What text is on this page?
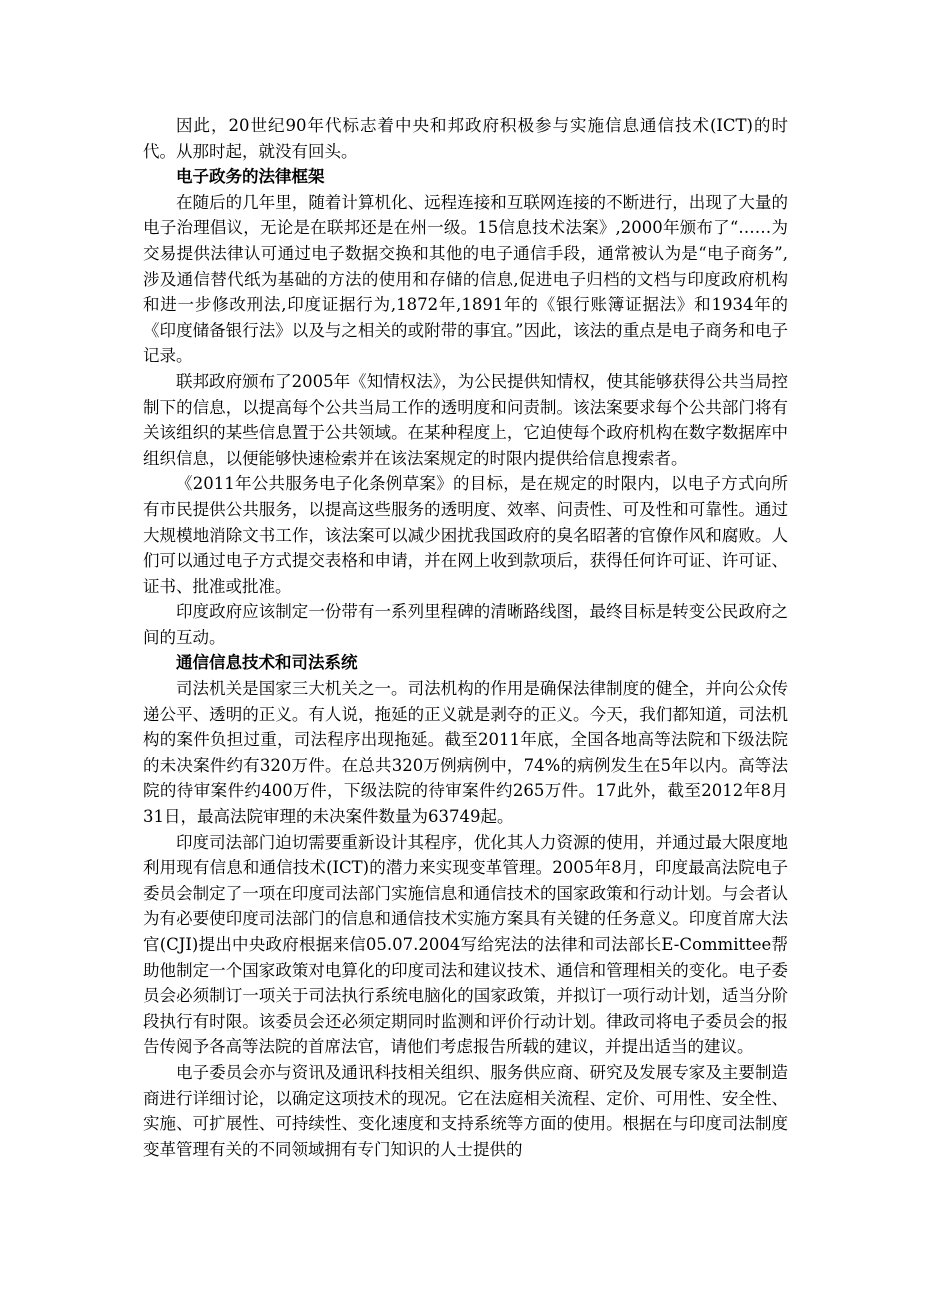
因此，20世纪90年代标志着中央和邦政府积极参与实施信息通信技术(ICT)的时代。从那时起，就没有回头。

电子政务的法律框架

在随后的几年里，随着计算机化、远程连接和互联网连接的不断进行，出现了大量的电子治理倡议，无论是在联邦还是在州一级。15信息技术法案》,2000年颁布了“……为交易提供法律认可通过电子数据交换和其他的电子通信手段，通常被认为是“电子商务”,涉及通信替代纸为基础的方法的使用和存储的信息,促进电子归档的文档与印度政府机构和进一步修改刑法,印度证据行为,1872年,1891年的《银行账簿证据法》和1934年的《印度储备银行法》以及与之相关的或附带的事宜。”因此，该法的重点是电子商务和电子记录。

联邦政府颁布了2005年《知情权法》，为公民提供知情权，使其能够获得公共当局控制下的信息，以提高每个公共当局工作的透明度和问责制。该法案要求每个公共部门将有关该组织的某些信息置于公共领域。在某种程度上，它迫使每个政府机构在数字数据库中组织信息，以便能够快速检索并在该法案规定的时限内提供给信息搜索者。

《2011年公共服务电子化条例草案》的目标，是在规定的时限内，以电子方式向所有市民提供公共服务，以提高这些服务的透明度、效率、问责性、可及性和可靠性。通过大规模地消除文书工作，该法案可以减少困扰我国政府的臭名昭著的官僚作风和腐败。人们可以通过电子方式提交表格和申请，并在网上收到款项后，获得任何许可证、许可证、证书、批准或批准。

印度政府应该制定一份带有一系列里程碑的清晰路线图，最终目标是转变公民政府之间的互动。

通信信息技术和司法系统

司法机关是国家三大机关之一。司法机构的作用是确保法律制度的健全，并向公众传递公平、透明的正义。有人说，拖延的正义就是剥夺的正义。今天，我们都知道，司法机构的案件负担过重，司法程序出现拖延。截至2011年底，全国各地高等法院和下级法院的未决案件约有320万件。在总共320万例病例中，74%的病例发生在5年以内。高等法院的待审案件约400万件，下级法院的待审案件约265万件。17此外，截至2012年8月31日，最高法院审理的未决案件数量为63749起。

印度司法部门迫切需要重新设计其程序，优化其人力资源的使用，并通过最大限度地利用现有信息和通信技术(ICT)的潜力来实现变革管理。2005年8月，印度最高法院电子委员会制定了一项在印度司法部门实施信息和通信技术的国家政策和行动计划。与会者认为有必要使印度司法部门的信息和通信技术实施方案具有关键的任务意义。印度首席大法官(CJI)提出中央政府根据来信05.07.2004写给宪法的法律和司法部长E-Committee帮助他制定一个国家政策对电算化的印度司法和建议技术、通信和管理相关的变化。电子委员会必须制订一项关于司法执行系统电脑化的国家政策，并拟订一项行动计划，适当分阶段执行有时限。该委员会还必须定期同时监测和评价行动计划。律政司将电子委员会的报告传阅予各高等法院的首席法官，请他们考虑报告所载的建议，并提出适当的建议。

电子委员会亦与资讯及通讯科技相关组织、服务供应商、研究及发展专家及主要制造商进行详细讨论，以确定这项技术的现况。它在法庭相关流程、定价、可用性、安全性、实施、可扩展性、可持续性、变化速度和支持系统等方面的使用。根据在与印度司法制度变革管理有关的不同领域拥有专门知识的人士提供的
